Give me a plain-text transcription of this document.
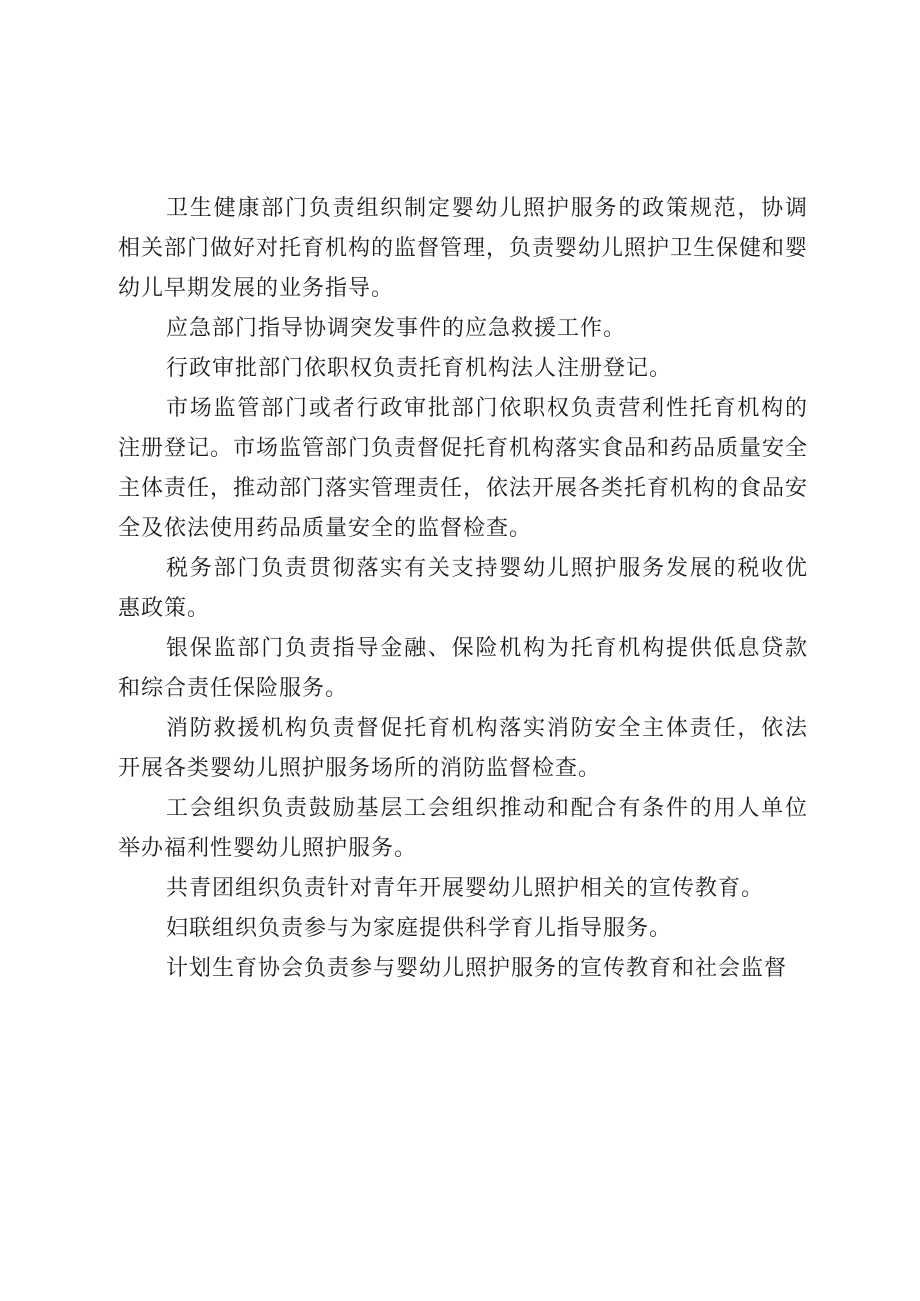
卫生健康部门负责组织制定婴幼儿照护服务的政策规范，协调相关部门做好对托育机构的监督管理，负责婴幼儿照护卫生保健和婴幼儿早期发展的业务指导。

应急部门指导协调突发事件的应急救援工作。

行政审批部门依职权负责托育机构法人注册登记。

市场监管部门或者行政审批部门依职权负责营利性托育机构的注册登记。市场监管部门负责督促托育机构落实食品和药品质量安全主体责任，推动部门落实管理责任，依法开展各类托育机构的食品安全及依法使用药品质量安全的监督检查。

税务部门负责贯彻落实有关支持婴幼儿照护服务发展的税收优惠政策。

银保监部门负责指导金融、保险机构为托育机构提供低息贷款和综合责任保险服务。

消防救援机构负责督促托育机构落实消防安全主体责任，依法开展各类婴幼儿照护服务场所的消防监督检查。

工会组织负责鼓励基层工会组织推动和配合有条件的用人单位举办福利性婴幼儿照护服务。

共青团组织负责针对青年开展婴幼儿照护相关的宣传教育。

妇联组织负责参与为家庭提供科学育儿指导服务。

计划生育协会负责参与婴幼儿照护服务的宣传教育和社会监督
